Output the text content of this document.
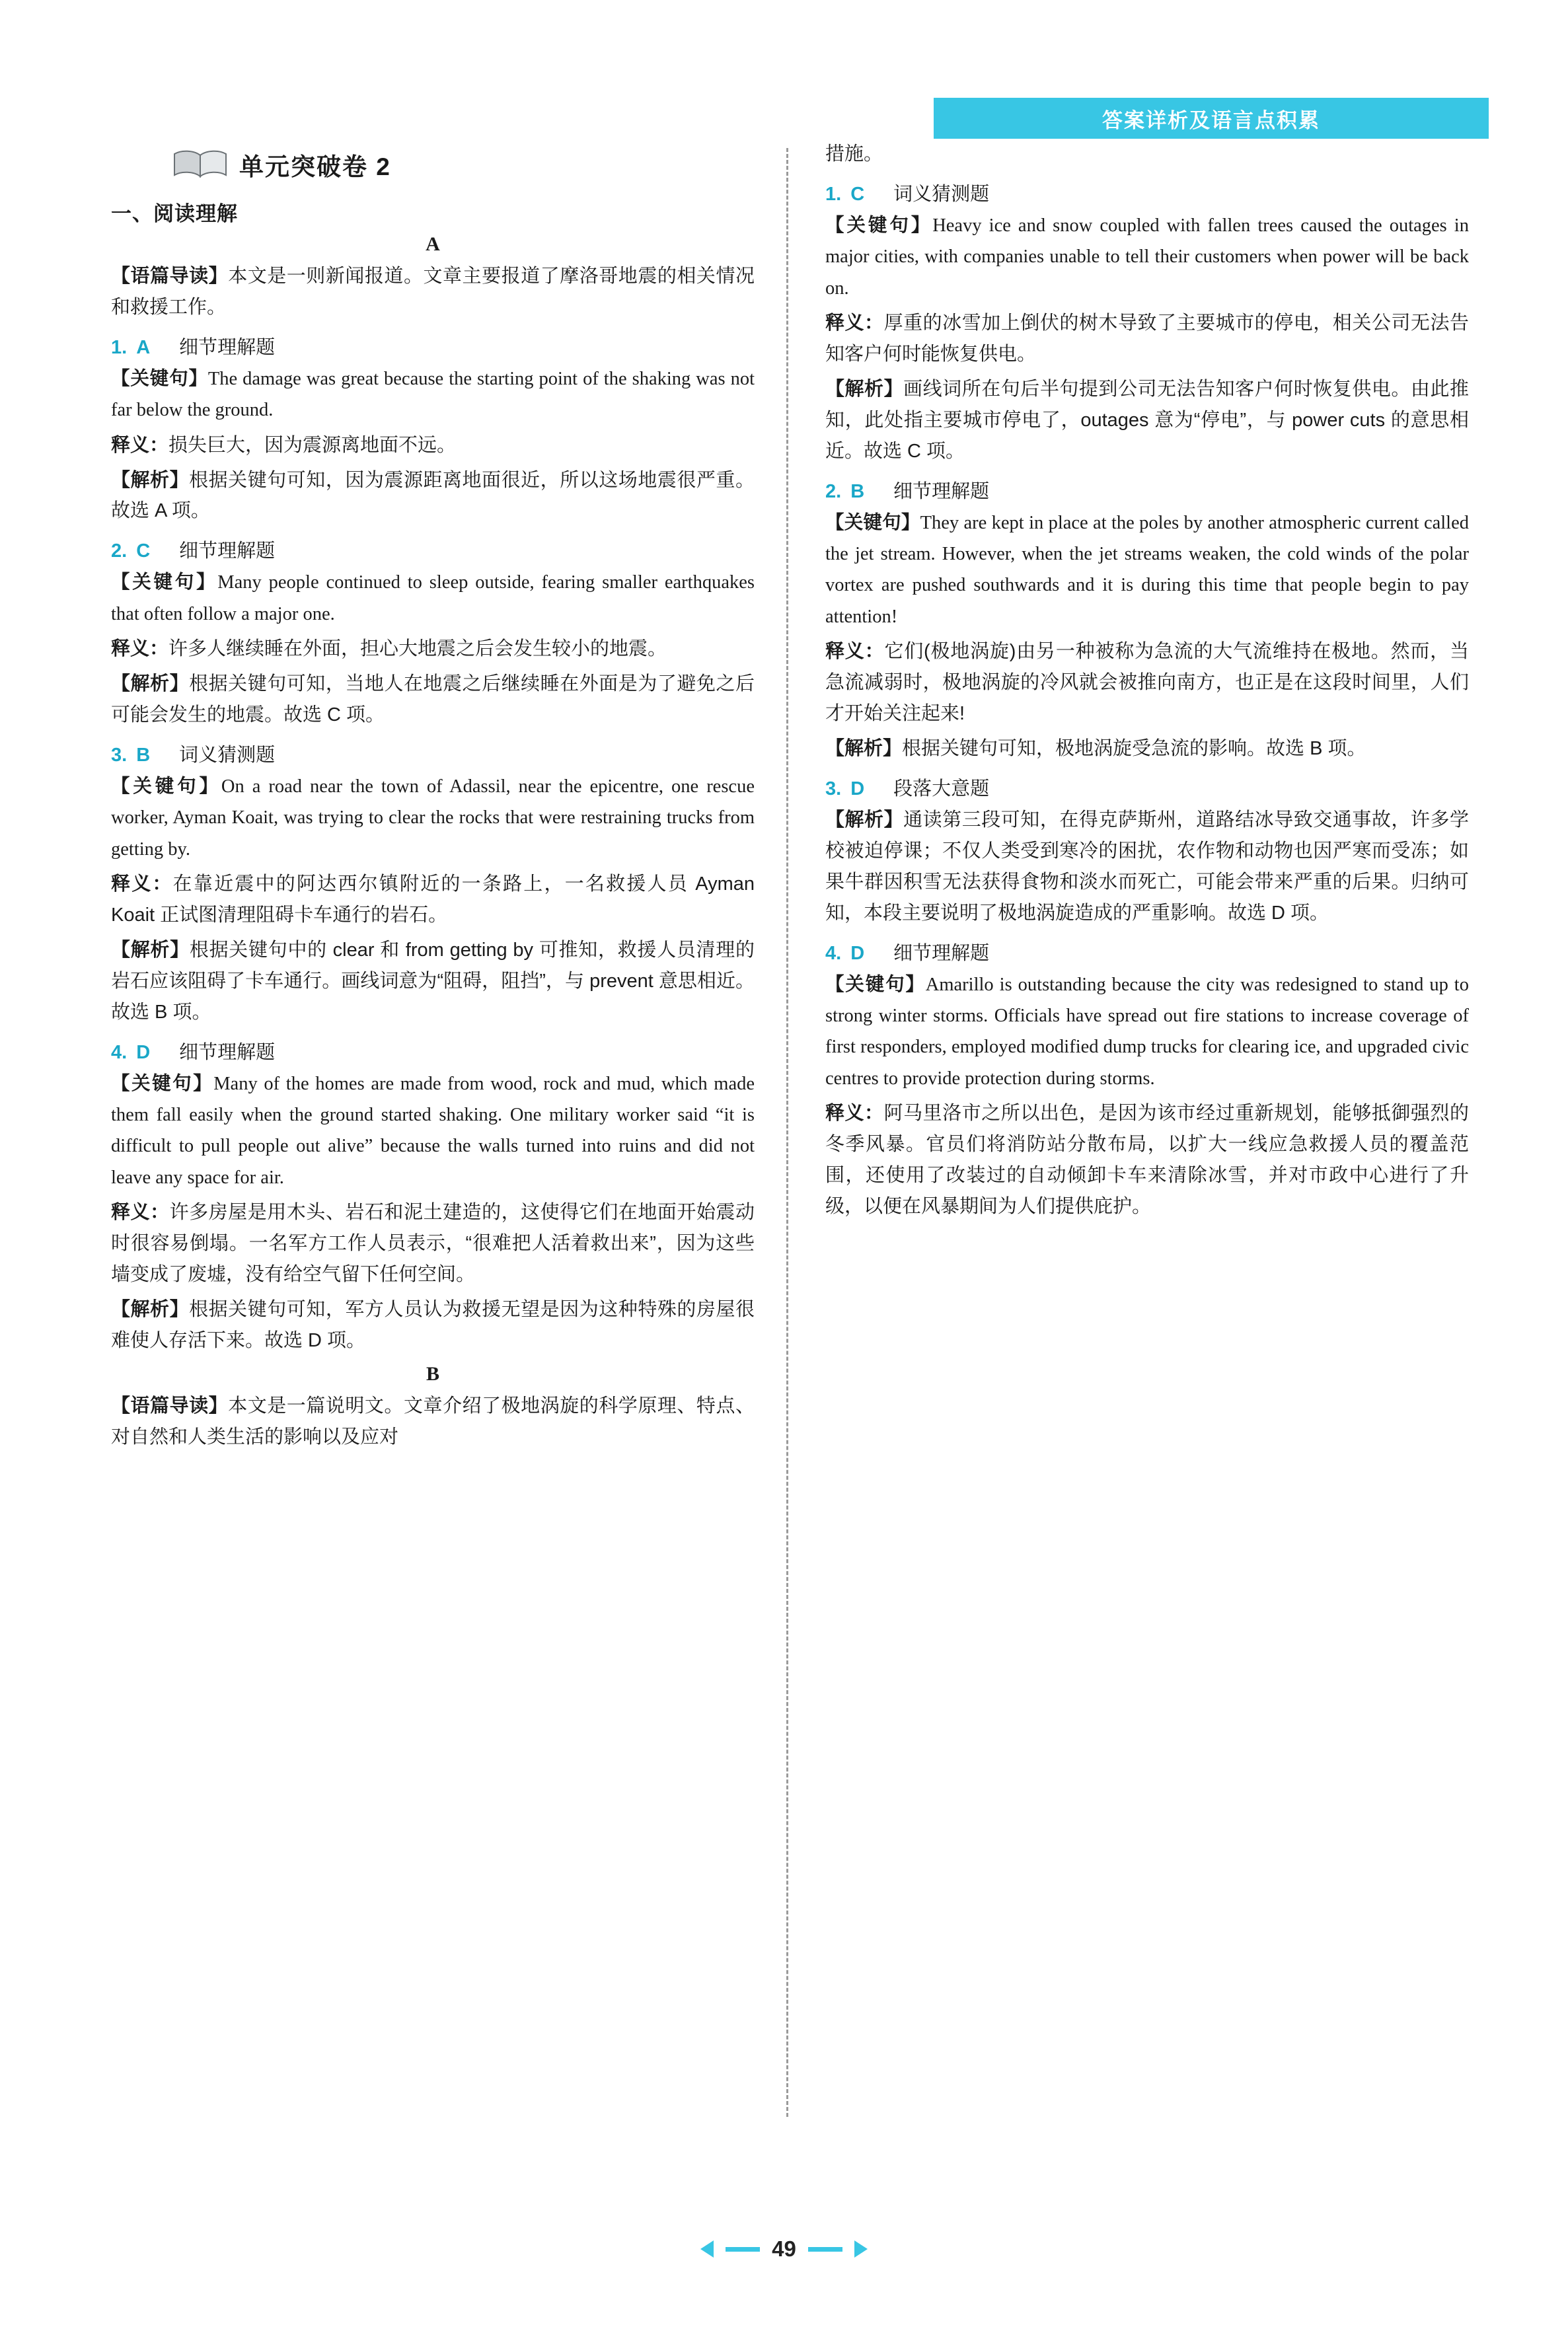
答案详析及语言点积累
单元突破卷 2
一、阅读理解
A

【语篇导读】本文是一则新闻报道。文章主要报道了摩洛哥地震的相关情况和救援工作。

1. A 细节理解题

【关键句】The damage was great because the starting point of the shaking was not far below the ground.

释义：损失巨大，因为震源离地面不远。

【解析】根据关键句可知，因为震源距离地面很近，所以这场地震很严重。故选 A 项。

2. C 细节理解题

【关键句】Many people continued to sleep outside, fearing smaller earthquakes that often follow a major one.

释义：许多人继续睡在外面，担心大地震之后会发生较小的地震。

【解析】根据关键句可知，当地人在地震之后继续睡在外面是为了避免之后可能会发生的地震。故选 C 项。

3. B 词义猜测题

【关键句】On a road near the town of Adassil, near the epicentre, one rescue worker, Ayman Koait, was trying to clear the rocks that were restraining trucks from getting by.

释义：在靠近震中的阿达西尔镇附近的一条路上，一名救援人员 Ayman Koait 正试图清理阻碍卡车通行的岩石。

【解析】根据关键句中的 clear 和 from getting by 可推知，救援人员清理的岩石应该阻碍了卡车通行。画线词意为“阻碍，阻挡”，与 prevent 意思相近。故选 B 项。

4. D 细节理解题

【关键句】Many of the homes are made from wood, rock and mud, which made them fall easily when the ground started shaking. One military worker said “it is difficult to pull people out alive” because the walls turned into ruins and did not leave any space for air.

释义：许多房屋是用木头、岩石和泥土建造的，这使得它们在地面开始震动时很容易倒塌。一名军方工作人员表示，“很难把人活着救出来”，因为这些墙变成了废墟，没有给空气留下任何空间。

【解析】根据关键句可知，军方人员认为救援无望是因为这种特殊的房屋很难使人存活下来。故选 D 项。

B

【语篇导读】本文是一篇说明文。文章介绍了极地涡旋的科学原理、特点、对自然和人类生活的影响以及应对

措施。

1. C 词义猜测题

【关键句】Heavy ice and snow coupled with fallen trees caused the outages in major cities, with companies unable to tell their customers when power will be back on.

释义：厚重的冰雪加上倒伏的树木导致了主要城市的停电，相关公司无法告知客户何时能恢复供电。

【解析】画线词所在句后半句提到公司无法告知客户何时恢复供电。由此推知，此处指主要城市停电了，outages 意为“停电”，与 power cuts 的意思相近。故选 C 项。

2. B 细节理解题

【关键句】They are kept in place at the poles by another atmospheric current called the jet stream. However, when the jet streams weaken, the cold winds of the polar vortex are pushed southwards and it is during this time that people begin to pay attention!

释义：它们(极地涡旋)由另一种被称为急流的大气流维持在极地。然而，当急流减弱时，极地涡旋的冷风就会被推向南方，也正是在这段时间里，人们才开始关注起来!

【解析】根据关键句可知，极地涡旋受急流的影响。故选 B 项。

3. D 段落大意题

【解析】通读第三段可知，在得克萨斯州，道路结冰导致交通事故，许多学校被迫停课；不仅人类受到寒冷的困扰，农作物和动物也因严寒而受冻；如果牛群因积雪无法获得食物和淡水而死亡，可能会带来严重的后果。归纳可知，本段主要说明了极地涡旋造成的严重影响。故选 D 项。

4. D 细节理解题

【关键句】Amarillo is outstanding because the city was redesigned to stand up to strong winter storms. Officials have spread out fire stations to increase coverage of first responders, employed modified dump trucks for clearing ice, and upgraded civic centres to provide protection during storms.

释义：阿马里洛市之所以出色，是因为该市经过重新规划，能够抵御强烈的冬季风暴。官员们将消防站分散布局，以扩大一线应急救援人员的覆盖范围，还使用了改装过的自动倾卸卡车来清除冰雪，并对市政中心进行了升级，以便在风暴期间为人们提供庇护。

49
